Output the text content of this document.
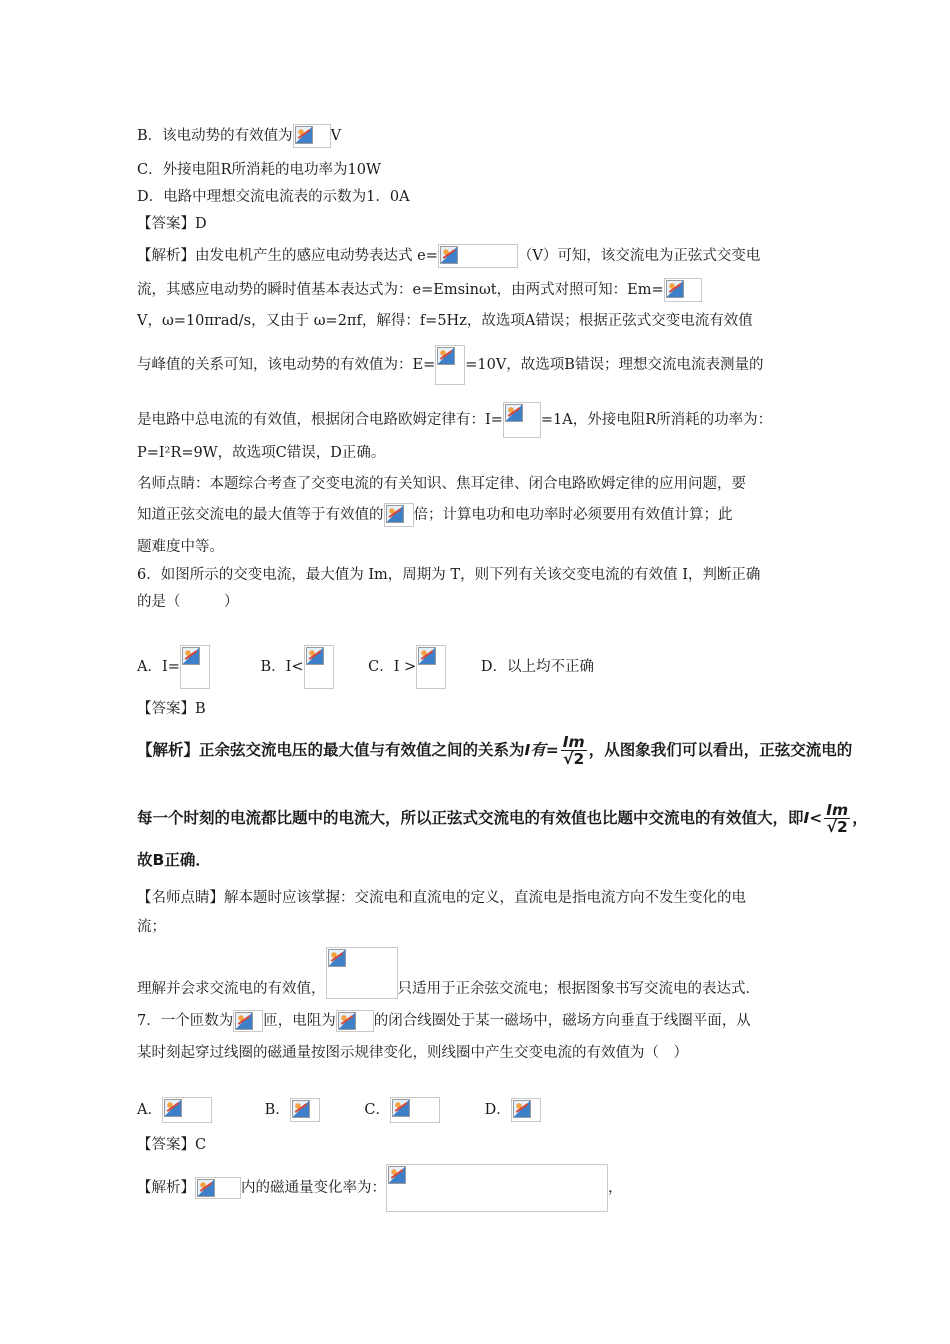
B．该电动势的有效值为	V
C．外接电阻R所消耗的电功率为10W
D．电路中理想交流电流表的示数为1．0A
【答案】D
【解析】由发电机产生的感应电动势表达式 e=	（V）可知，该交流电为正弦式交变电
流，其感应电动势的瞬时值基本表达式为：e=Emsinωt，由两式对照可知：Em=
V，ω=10πrad/s，又由于 ω=2πf，解得：f=5Hz，故选项A错误；根据正弦式交变电流有效值
与峰值的关系可知，该电动势的有效值为：E= =10V，故选项B错误；理想交流电流表测量的
是电路中总电流的有效值，根据闭合电路欧姆定律有：I=	=1A，外接电阻R所消耗的功率为：
P=I²R=9W，故选项C错误，D正确。
名师点睛：本题综合考查了交变电流的有关知识、焦耳定律、闭合电路欧姆定律的应用问题，要
知道正弦交流电的最大值等于有效值的 倍；计算电功和电功率时必须要用有效值计算；此
题难度中等。
6．如图所示的交变电流，最大值为 Im，周期为 T，则下列有关该交变电流的有效值 I，判断正确
的是（　　　）
A．I=	B．I<	C．I >	D．以上均不正确
【答案】B
【解析】正余弦交流电压的最大值与有效值之间的关系为I有= $\frac{Im}{√2}$ ，从图象我们可以看出，正弦交流电的
每一个时刻的电流都比题中的电流大，所以正弦式交流电的有效值也比题中交流电的有效值大，即$I< \frac{Im}{√2}$ ，
故B正确．
【名师点睛】解本题时应该掌握：交流电和直流电的定义，直流电是指电流方向不发生变化的电
流；
理解并会求交流电的有效值，	只适用于正余弦交流电；根据图象书写交流电的表达式．
7．一个匝数为 匝，电阻为	的闭合线圈处于某一磁场中，磁场方向垂直于线圈平面，从
某时刻起穿过线圈的磁通量按图示规律变化，则线圈中产生交变电流的有效值为（　）
A．	B．	C．	D．
【答案】C
【解析】	内的磁通量变化率为：	，
